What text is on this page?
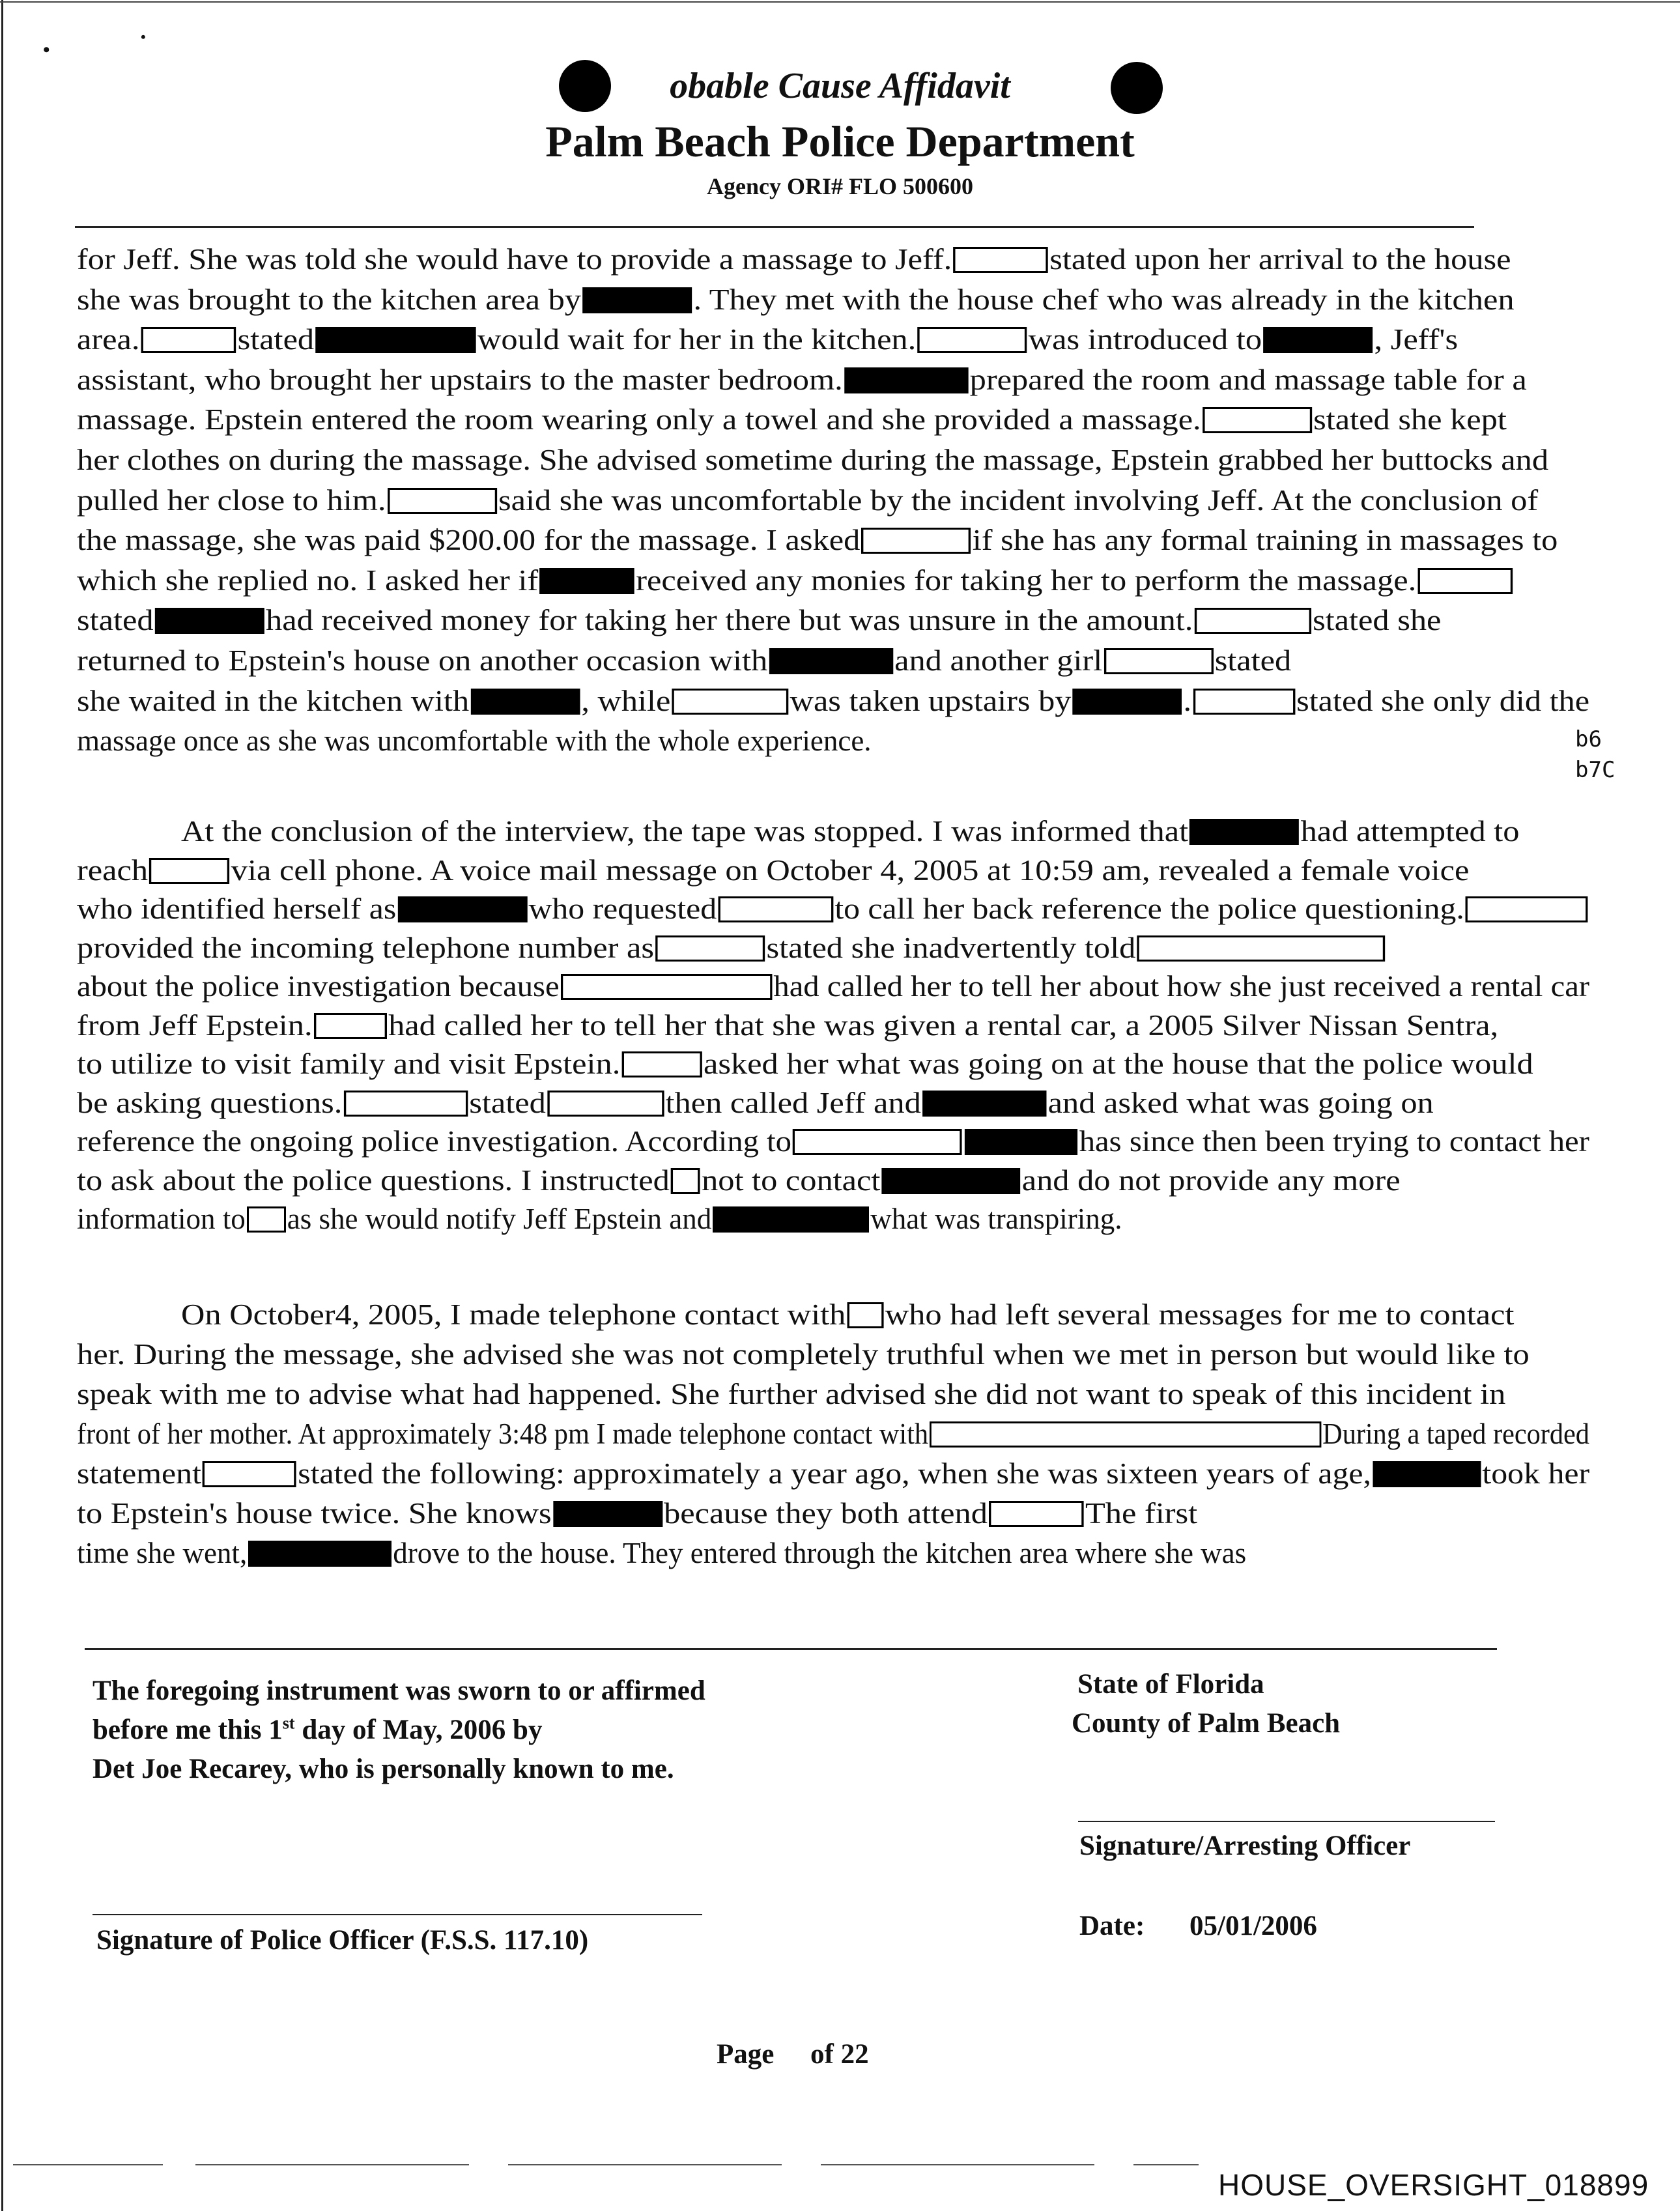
•
•
obable Cause Affidavit
Palm Beach Police Department
Agency ORI# FLO 500600
for Jeff. She was told she would have to provide a massage to Jeff.	stated upon her arrival to the house
she was brought to the kitchen area by	. They met with the house chef who was already in the kitchen
area.	stated	would wait for her in the kitchen.	was introduced to	, Jeff's
assistant, who brought her upstairs to the master bedroom.	prepared the room and massage table for a
massage. Epstein entered the room wearing only a towel and she provided a massage.	stated she kept
her clothes on during the massage. She advised sometime during the massage, Epstein grabbed her buttocks and
pulled her close to him.	said she was uncomfortable by the incident involving Jeff. At the conclusion of
the massage, she was paid $200.00 for the massage. I asked	if she has any formal training in massages to
which she replied no. I asked her if	received any monies for taking her to perform the massage.
stated	had received money for taking her there but was unsure in the amount.	stated she
returned to Epstein's house on another occasion with	and another girl	stated
she waited in the kitchen with	, while	was taken upstairs by	.	stated she only did the
massage once as she was uncomfortable with the whole experience.
At the conclusion of the interview, the tape was stopped. I was informed that	had attempted to
reach	via cell phone. A voice mail message on October 4, 2005 at 10:59 am, revealed a female voice
who identified herself as	who requested	to call her back reference the police questioning.
provided the incoming telephone number as	stated she inadvertently told
about the police investigation because	had called her to tell her about how she just received a rental car
from Jeff Epstein.	had called her to tell her that she was given a rental car, a 2005 Silver Nissan Sentra,
to utilize to visit family and visit Epstein.	asked her what was going on at the house that the police would
be asking questions.	stated	then called Jeff and	and asked what was going on
reference the ongoing police investigation. According to	has since then been trying to contact her
to ask about the police questions. I instructed not to contact	and do not provide any more
information to as she would notify Jeff Epstein and	what was transpiring.
On October4, 2005, I made telephone contact with who had left several messages for me to contact
her. During the message, she advised she was not completely truthful when we met in person but would like to
speak with me to advise what had happened. She further advised she did not want to speak of this incident in
front of her mother. At approximately 3:48 pm I made telephone contact with	During a taped recorded
statement	stated the following: approximately a year ago, when she was sixteen years of age,	took her
to Epstein's house twice. She knows	because they both attend	The first
time she went,	drove to the house. They entered through the kitchen area where she was
b6
b7C
The foregoing instrument was sworn to or affirmed
before me this 1st day of May, 2006 by
Det Joe Recarey, who is personally known to me.
State of Florida
County of Palm Beach
Signature/Arresting Officer
Date: 05/01/2006
Signature of Police Officer (F.S.S. 117.10)
Page of 22
HOUSE_OVERSIGHT_018899
